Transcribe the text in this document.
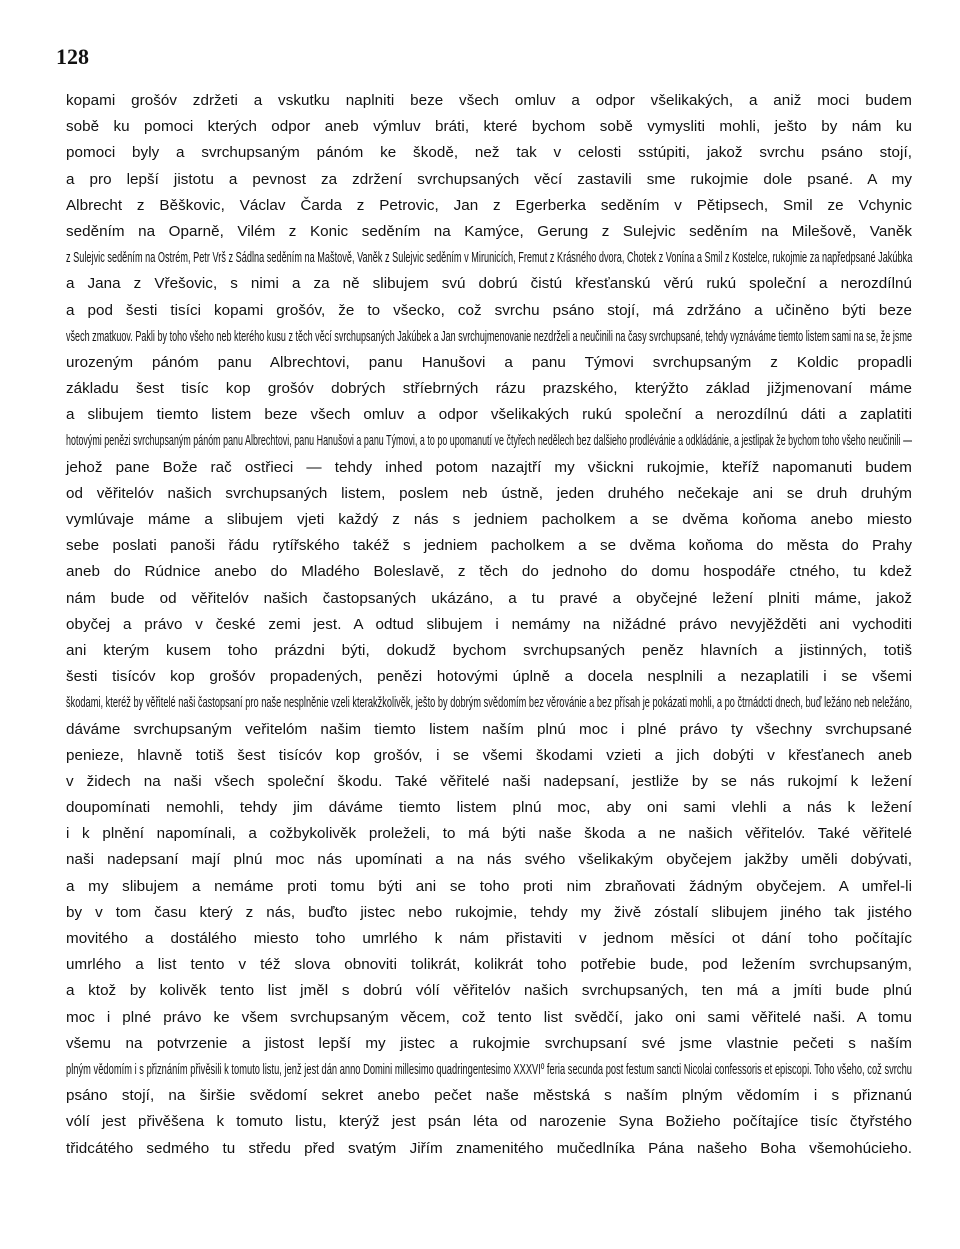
128
kopami grošóv zdržeti a vskutku naplniti beze všech omluv a odpor všelikakých, a aniž moci budem
sobě ku pomoci kterých odpor aneb výmluv bráti, které bychom sobě vymysliti mohli, ješto by nám ku
pomoci byly a svrchupsaným pánóm ke škodě, než tak v celosti sstúpiti, jakož svrchu psáno stojí,
a pro lepší jistotu a pevnost za zdržení svrchupsaných věcí zastavili sme rukojmie dole psané. A my
Albrecht z Běškovic, Václav Čarda z Petrovic, Jan z Egerberka seděním v Pětipsech, Smil ze Vchynic
seděním na Oparně, Vilém z Konic seděním na Kamýce, Gerung z Sulejvic seděním na Milešově, Vaněk
z Sulejvic seděním na Ostrém, Petr Vrš z Sádlna seděním na Maštově, Vaněk z Sulejvic seděním v Mirunicích, Fremut z Krásného dvora, Chotek z Vonína a Smil z Kostelce, rukojmie za napředpsané Jakúbka
a Jana z Vřešovic, s nimi a za ně slibujem svú dobrú čistú křesťanskú věrú rukú společní a nerozdílnú
a pod šesti tisíci kopami grošóv, že to všecko, což svrchu psáno stojí, má zdržáno a učiněno býti beze
všech zmatkuov. Pakli by toho všeho neb kterého kusu z těch věcí svrchupsaných Jakúbek a Jan svrchujmenovanie nezdrželi a neučinili na časy svrchupsané, tehdy vyznáváme tiemto listem sami na se, že jsme
urozeným pánóm panu Albrechtovi, panu Hanušovi a panu Týmovi svrchupsaným z Koldic propadli
základu šest tisíc kop grošóv dobrých stříebrných rázu prazského, kterýžto základ jižjmenovaní máme
a slibujem tiemto listem beze všech omluv a odpor všelikakých rukú společní a nerozdílnú dáti a zaplatiti
hotovými penězi svrchupsaným pánóm panu Albrechtovi, panu Hanušovi a panu Týmovi, a to po upomanutí ve čtyřech nedělech bez dalšieho prodlévánie a odkládánie, a jestlipak že bychom toho všeho neučinili —
jehož pane Bože rač ostřieci — tehdy inhed potom nazajtří my všickni rukojmie, kteříž napomanuti budem
od věřitelóv našich svrchupsaných listem, poslem neb ústně, jeden druhého nečekaje ani se druh druhým
vymlúvaje máme a slibujem vjeti každý z nás s jedniem pacholkem a se dvěma koňoma anebo miesto
sebe poslati panoši řádu rytířského takéž s jedniem pacholkem a se dvěma koňoma do města do Prahy
aneb do Rúdnice anebo do Mladého Boleslavě, z těch do jednoho do domu hospodáře ctného, tu kdež
nám bude od věřitelóv našich častopsaných ukázáno, a tu pravé a obyčejné ležení plniti máme, jakož
obyčej a právo v české zemi jest. A odtud slibujem i nemámy na nižádné právo nevyjěžděti ani vychoditi
ani kterým kusem toho prázdni býti, dokudž bychom svrchupsaných peněz hlavních a jistinných, totiš
šesti tisícóv kop grošóv propadených, penězi hotovými úplně a docela nesplnili a nezaplatili i se všemi
škodami, kteréž by věřitelé naši častopsaní pro naše nesplněnie vzeli kterakžkolivěk, ješto by dobrým svědomím bez věrovánie a bez přísah je pokázati mohli, a po čtrnádcti dnech, buď ležáno neb neležáno,
dáváme svrchupsaným veřitelóm našim tiemto listem naším plnú moc i plné právo ty všechny svrchupsané
penieze, hlavně totiš šest tisícóv kop grošóv, i se všemi škodami vzieti a jich dobýti v křesťanech aneb
v židech na naši všech společní škodu. Také věřitelé naši nadepsaní, jestliže by se nás rukojmí k ležení
doupomínati nemohli, tehdy jim dáváme tiemto listem plnú moc, aby oni sami vlehli a nás k ležení
i k plnění napomínali, a cožbykolivěk proleželi, to má býti naše škoda a ne našich věřitelóv. Také věřitelé
naši nadepsaní mají plnú moc nás upomínati a na nás svého všelikakým obyčejem jakžby uměli dobývati,
a my slibujem a nemáme proti tomu býti ani se toho proti nim zbraňovati žádným obyčejem. A umřel-li
by v tom času který z nás, buďto jistec nebo rukojmie, tehdy my živě zóstalí slibujem jiného tak jistého
movitého a dostálého miesto toho umrlého k nám přistaviti v jednom měsíci ot dání toho počítajíc
umrlého a list tento v též slova obnoviti tolikrát, kolikrát toho potřebie bude, pod ležením svrchupsaným,
a ktož by kolivěk tento list jměl s dobrú vólí věřitelóv našich svrchupsaných, ten má a jmíti bude plnú
moc i plné právo ke všem svrchupsaným věcem, což tento list svědčí, jako oni sami věřitelé naši. A tomu
všemu na potvrzenie a jistost lepší my jistec a rukojmie svrchupsaní své jsme vlastnie pečeti s naším
plným vědomím i s přiznáním přivěsili k tomuto listu, jenž jest dán anno Domini millesimo quadringentesimo XXXVIº feria secunda post festum sancti Nicolai confessoris et episcopi. Toho všeho, což svrchu
psáno stojí, na širšie svědomí sekret anebo pečet naše městská s naším plným vědomím i s přiznanú
vólí jest přivěšena k tomuto listu, kterýž jest psán léta od narozenie Syna Božieho počítajíce tisíc čtyřstého
třidcátého sedmého tu středu před svatým Jiřím znamenitého mučedlníka Pána našeho Boha všemohúcieho.
